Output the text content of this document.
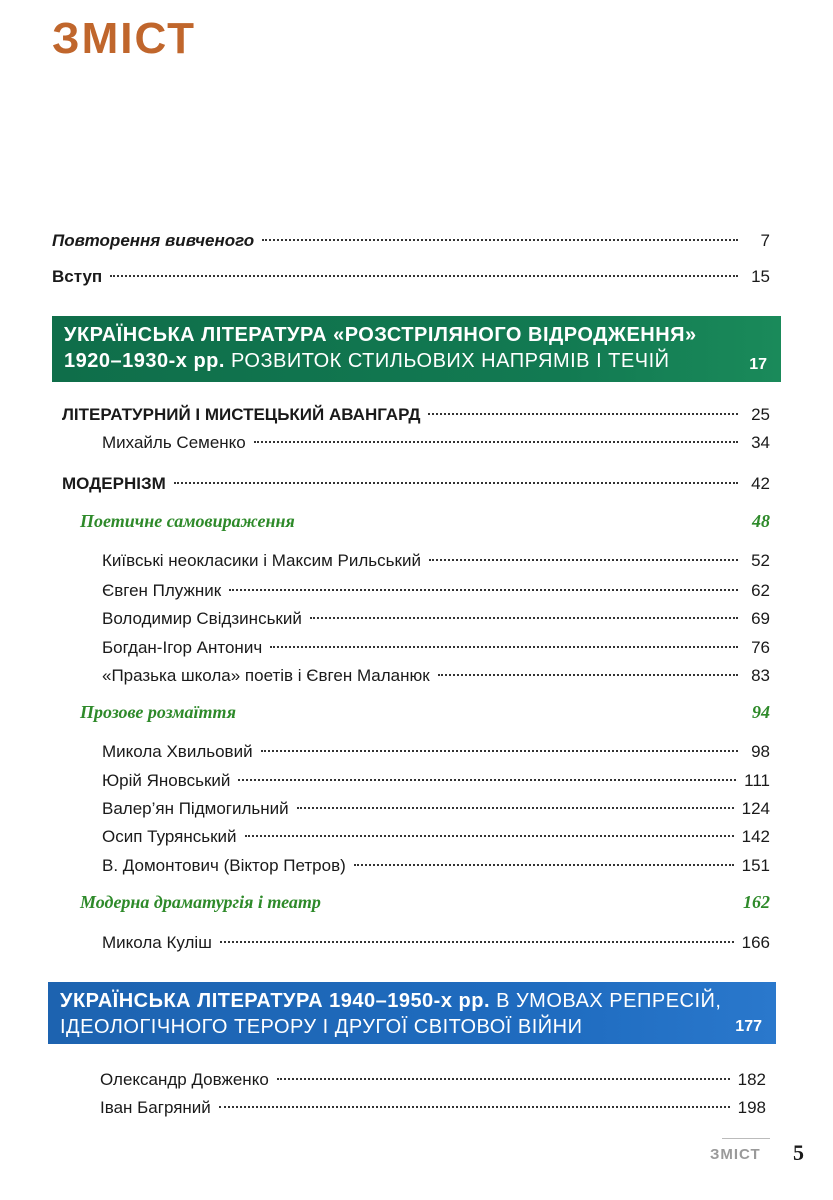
ЗМІСТ
Повторення вивченого	7
Вступ	15
УКРАЇНСЬКА ЛІТЕРАТУРА «РОЗСТРІЛЯНОГО ВІДРОДЖЕННЯ»
1920–1930-х рр. РОЗВИТОК СТИЛЬОВИХ НАПРЯМІВ І ТЕЧІЙ	17
ЛІТЕРАТУРНИЙ І МИСТЕЦЬКИЙ АВАНГАРД	25
Михайль Семенко	34
МОДЕРНІЗМ	42
Поетичне самовираження	48
Київські неокласики і Максим Рильський	52
Євген Плужник	62
Володимир Свідзинський	69
Богдан-Ігор Антонич	76
«Празька школа» поетів і Євген Маланюк	83
Прозове розмаїття	94
Микола Хвильовий	98
Юрій Яновський	111
Валер’ян Підмогильний	124
Осип Турянський	142
В. Домонтович (Віктор Петров)	151
Модерна драматургія і театр	162
Микола Куліш	166
УКРАЇНСЬКА ЛІТЕРАТУРА 1940–1950-х рр. В УМОВАХ РЕПРЕСІЙ,
ІДЕОЛОГІЧНОГО ТЕРОРУ І ДРУГОЇ СВІТОВОЇ ВІЙНИ	177
Олександр Довженко	182
Іван Багряний	198
ЗМІСТ 5
